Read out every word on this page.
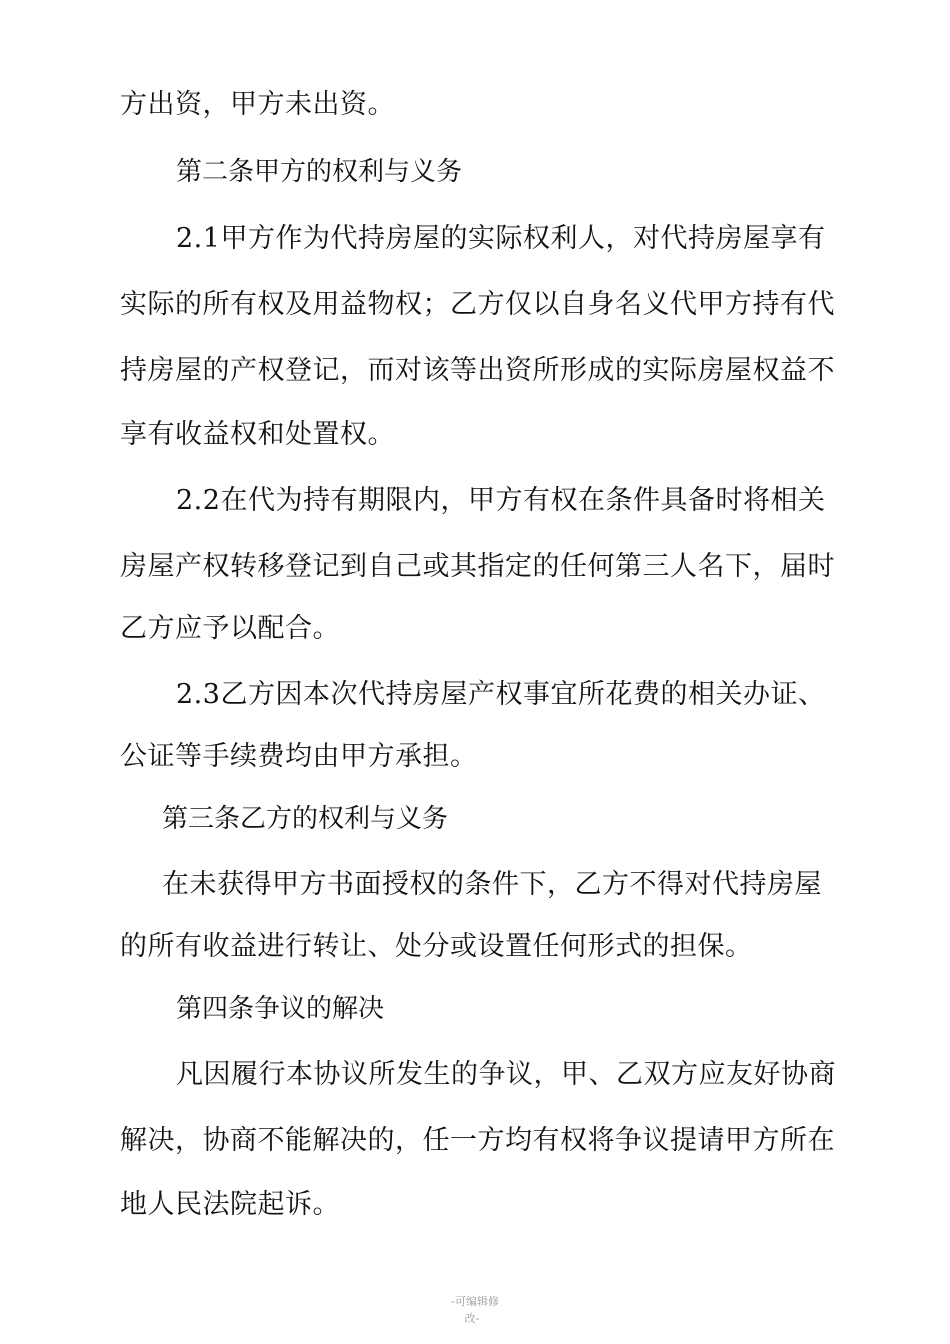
方出资，甲方未出资。
第二条甲方的权利与义务
2.1甲方作为代持房屋的实际权利人，对代持房屋享有
实际的所有权及用益物权；乙方仅以自身名义代甲方持有代
持房屋的产权登记，而对该等出资所形成的实际房屋权益不
享有收益权和处置权。
2.2在代为持有期限内，甲方有权在条件具备时将相关
房屋产权转移登记到自己或其指定的任何第三人名下，届时
乙方应予以配合。
2.3乙方因本次代持房屋产权事宜所花费的相关办证、
公证等手续费均由甲方承担。
第三条乙方的权利与义务
在未获得甲方书面授权的条件下，乙方不得对代持房屋
的所有收益进行转让、处分或设置任何形式的担保。
第四条争议的解决
凡因履行本协议所发生的争议，甲、乙双方应友好协商
解决，协商不能解决的，任一方均有权将争议提请甲方所在
地人民法院起诉。
-可编辑修
改-
